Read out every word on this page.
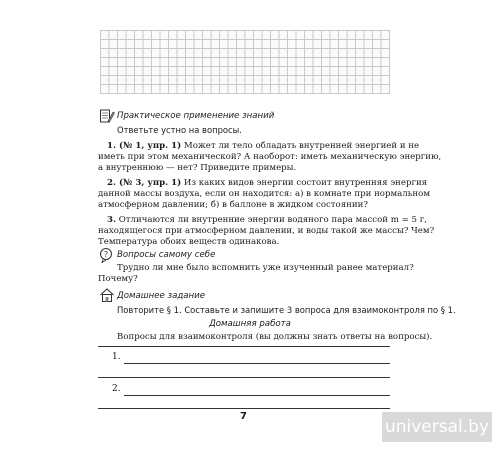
Практическое применение знаний
Ответьте устно на вопросы.
1. (№ 1, упр. 1) Может ли тело обладать внутренней энергией и не
иметь при этом механической? А наоборот: иметь механическую энергию,
а внутреннюю — нет? Приведите примеры.
2. (№ 3, упр. 1) Из каких видов энергии состоит внутренняя энергия
данной массы воздуха, если он находится: а) в комнате при нормальном
атмосферном давлении; б) в баллоне в жидком состоянии?
3. Отличаются ли внутренние энергии водяного пара массой m = 5 г,
находящегося при атмосферном давлении, и воды такой же массы? Чем?
Температура обоих веществ одинакова.
? Вопросы самому себе
Трудно ли мне было вспомнить уже изученный ранее материал?
Почему?
Домашнее задание
Повторите § 1. Составьте и запишите 3 вопроса для взаимоконтроля по § 1.
Домашняя работа
Вопросы для взаимоконтроля (вы должны знать ответы на вопросы).
1.
2.
7
universal.by
